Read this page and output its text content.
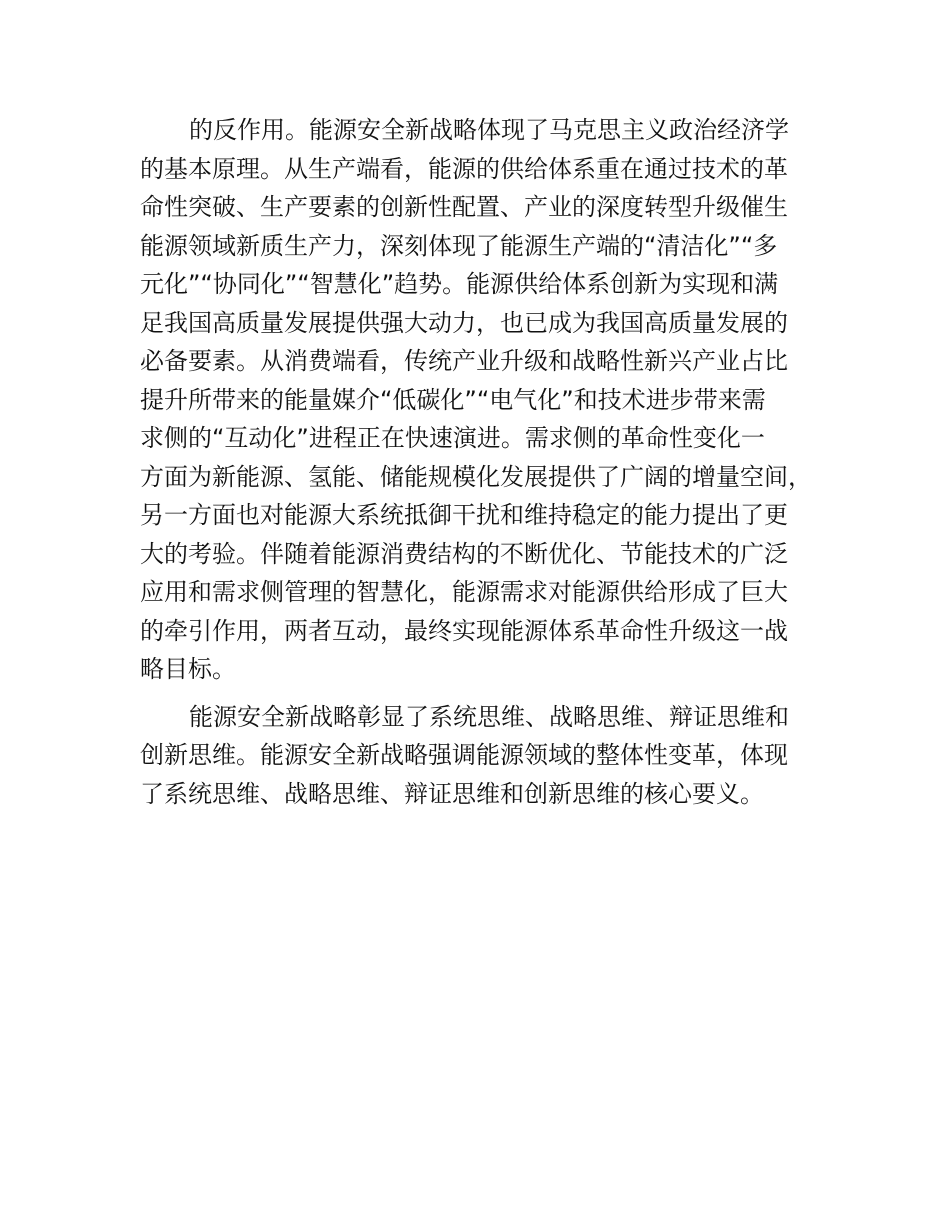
的反作用。能源安全新战略体现了马克思主义政治经济学
的基本原理。从生产端看，能源的供给体系重在通过技术的革
命性突破、生产要素的创新性配置、产业的深度转型升级催生
能源领域新质生产力，深刻体现了能源生产端的“清洁化”“多
元化”“协同化”“智慧化”趋势。能源供给体系创新为实现和满
足我国高质量发展提供强大动力，也已成为我国高质量发展的
必备要素。从消费端看，传统产业升级和战略性新兴产业占比
提升所带来的能量媒介“低碳化”“电气化”和技术进步带来需
求侧的“互动化”进程正在快速演进。需求侧的革命性变化一
方面为新能源、氢能、储能规模化发展提供了广阔的增量空间，
另一方面也对能源大系统抵御干扰和维持稳定的能力提出了更
大的考验。伴随着能源消费结构的不断优化、节能技术的广泛
应用和需求侧管理的智慧化，能源需求对能源供给形成了巨大
的牵引作用，两者互动，最终实现能源体系革命性升级这一战
略目标。
能源安全新战略彰显了系统思维、战略思维、辩证思维和
创新思维。能源安全新战略强调能源领域的整体性变革，体现
了系统思维、战略思维、辩证思维和创新思维的核心要义。
